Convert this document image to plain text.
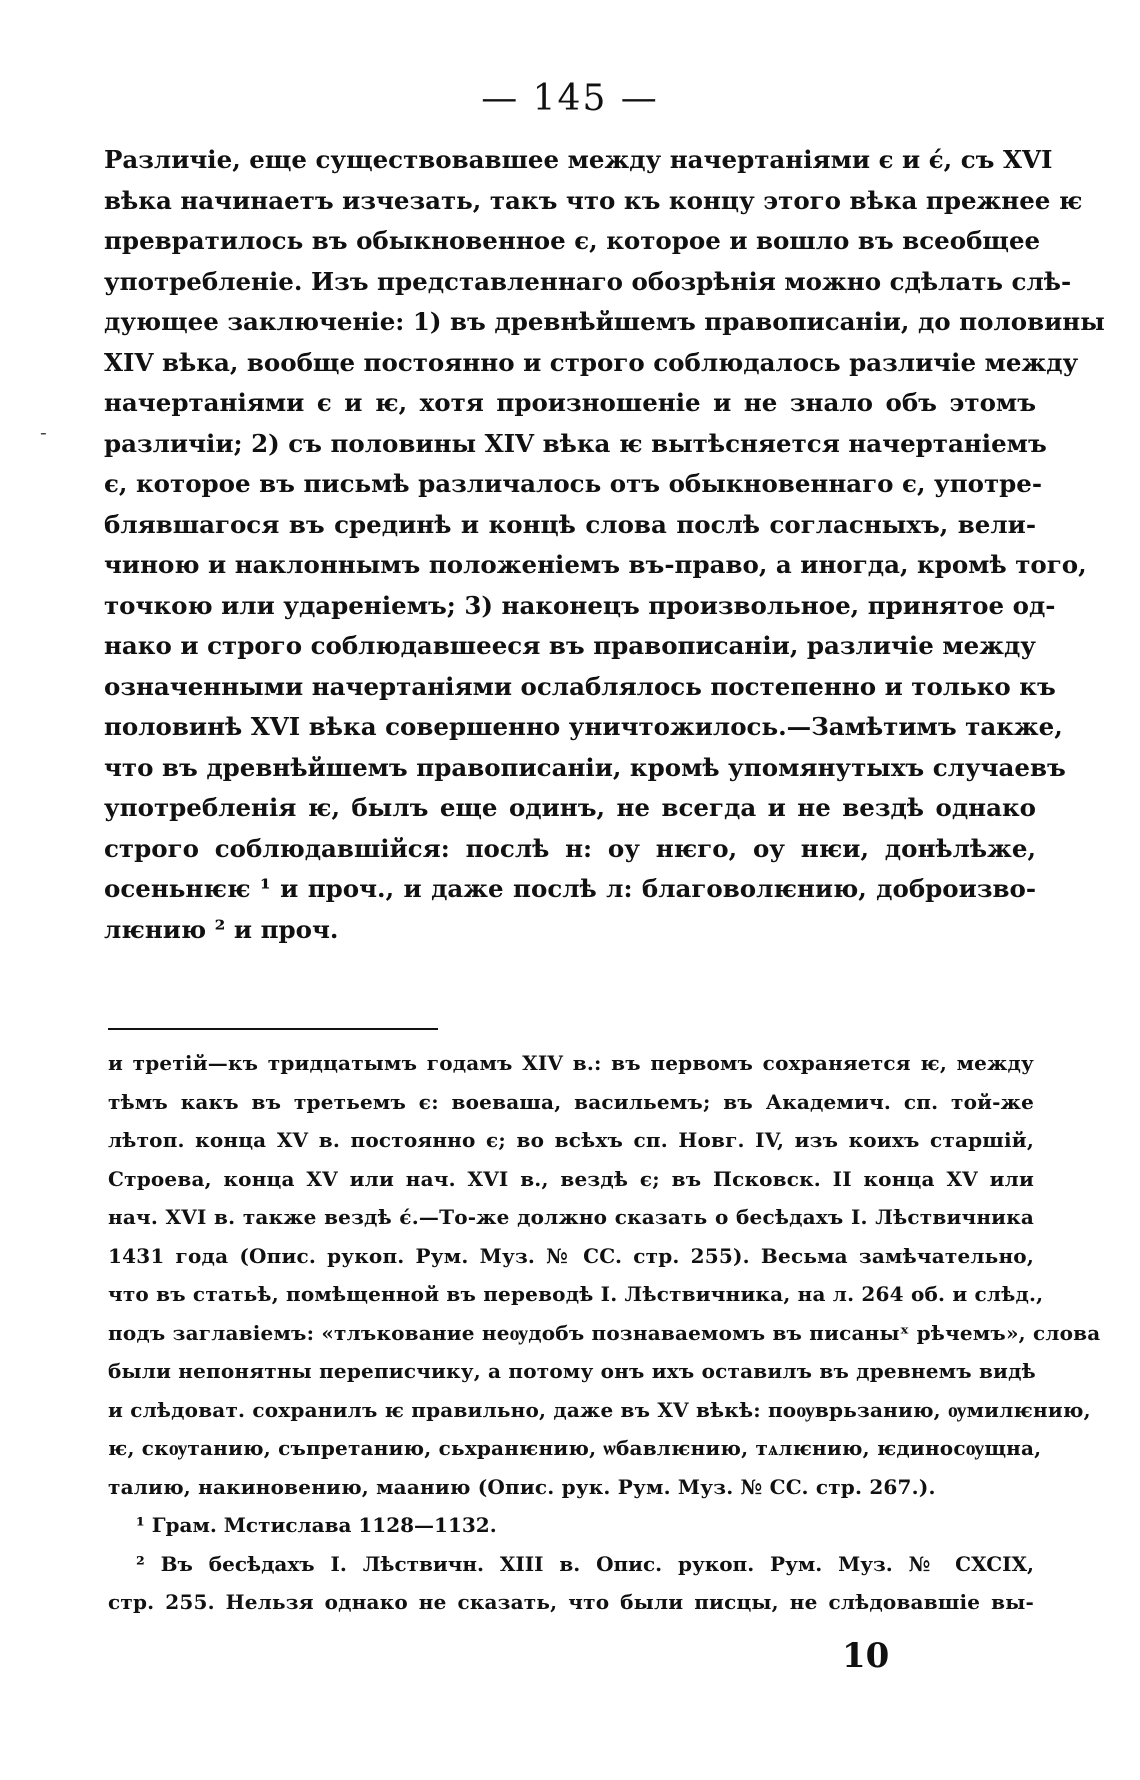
— 145 —
-
Различіе, еще существовавшее между начертаніями є и є́, съ XVI
вѣка начинаетъ изчезать, такъ что къ концу этого вѣка прежнее ѥ
превратилось въ обыкновенное є, которое и вошло въ всеобщее
употребленіе. Изъ представленнаго обозрѣнія можно сдѣлать слѣ-
дующее заключеніе: 1) въ древнѣйшемъ правописаніи, до половины
XIV вѣка, вообще постоянно и строго соблюдалось различіе между
начертаніями є и ѥ, хотя произношеніе и не знало объ этомъ
различіи; 2) съ половины XIV вѣка ѥ вытѣсняется начертаніемъ
є, которое въ письмѣ различалось отъ обыкновеннаго є, употре-
блявшагося въ срединѣ и концѣ слова послѣ согласныхъ, вели-
чиною и наклоннымъ положеніемъ въ-право, а иногда, кромѣ того,
точкою или удареніемъ; 3) наконецъ произвольное, принятое од-
нако и строго соблюдавшееся въ правописаніи, различіе между
означенными начертаніями ослаблялось постепенно и только къ
половинѣ XVI вѣка совершенно уничтожилось.—Замѣтимъ также,
что въ древнѣйшемъ правописаніи, кромѣ упомянутыхъ случаевъ
употребленія ѥ, былъ еще одинъ, не всегда и не вездѣ однако
строго соблюдавшійся: послѣ н: оу нѥго, оу нѥи, донѣлѣже,
осеньнѥѥ ¹ и проч., и даже послѣ л: благоволѥнию, доброизво-
лѥнию ² и проч.
и третій—къ тридцатымъ годамъ XIV в.: въ первомъ сохраняется ѥ, между
тѣмъ какъ въ третьемъ є: воеваша, васильемъ; въ Академич. сп. той-же
лѣтоп. конца XV в. постоянно є; во всѣхъ сп. Новг. IV, изъ коихъ старшій,
Строева, конца XV или нач. XVI в., вездѣ є; въ Псковск. II конца XV или
нач. XVI в. также вездѣ є́.—То-же должно сказать о бесѣдахъ I. Лѣствичника
1431 года (Опис. рукоп. Рум. Муз. № CC. стр. 255). Весьма замѣчательно,
что въ статьѣ, помѣщенной въ переводѣ I. Лѣствичника, на л. 264 об. и слѣд.,
подъ заглавіемъ: «тлъкование неѹдобъ познаваемомъ въ писаныˣ рѣчемъ», слова
были непонятны переписчику, а потому онъ ихъ оставилъ въ древнемъ видѣ
и слѣдоват. сохранилъ ѥ правильно, даже въ XV вѣкѣ: поѹврьзанию, ѹмилѥнию,
ѥ, скѹтанию, съпретанию, сьхранѥнию, ѡбавлѥнию, тѧлѥнию, ѥдиносѹщна,
талию, накиновению, маанию (Опис. рук. Рум. Муз. № CC. стр. 267.).
¹ Грам. Мстислава 1128—1132.
² Въ бесѣдахъ I. Лѣствичн. XIII в. Опис. рукоп. Рум. Муз. № CXCIX,
стр. 255. Нельзя однако не сказать, что были писцы, не слѣдовавшіе вы-
10
